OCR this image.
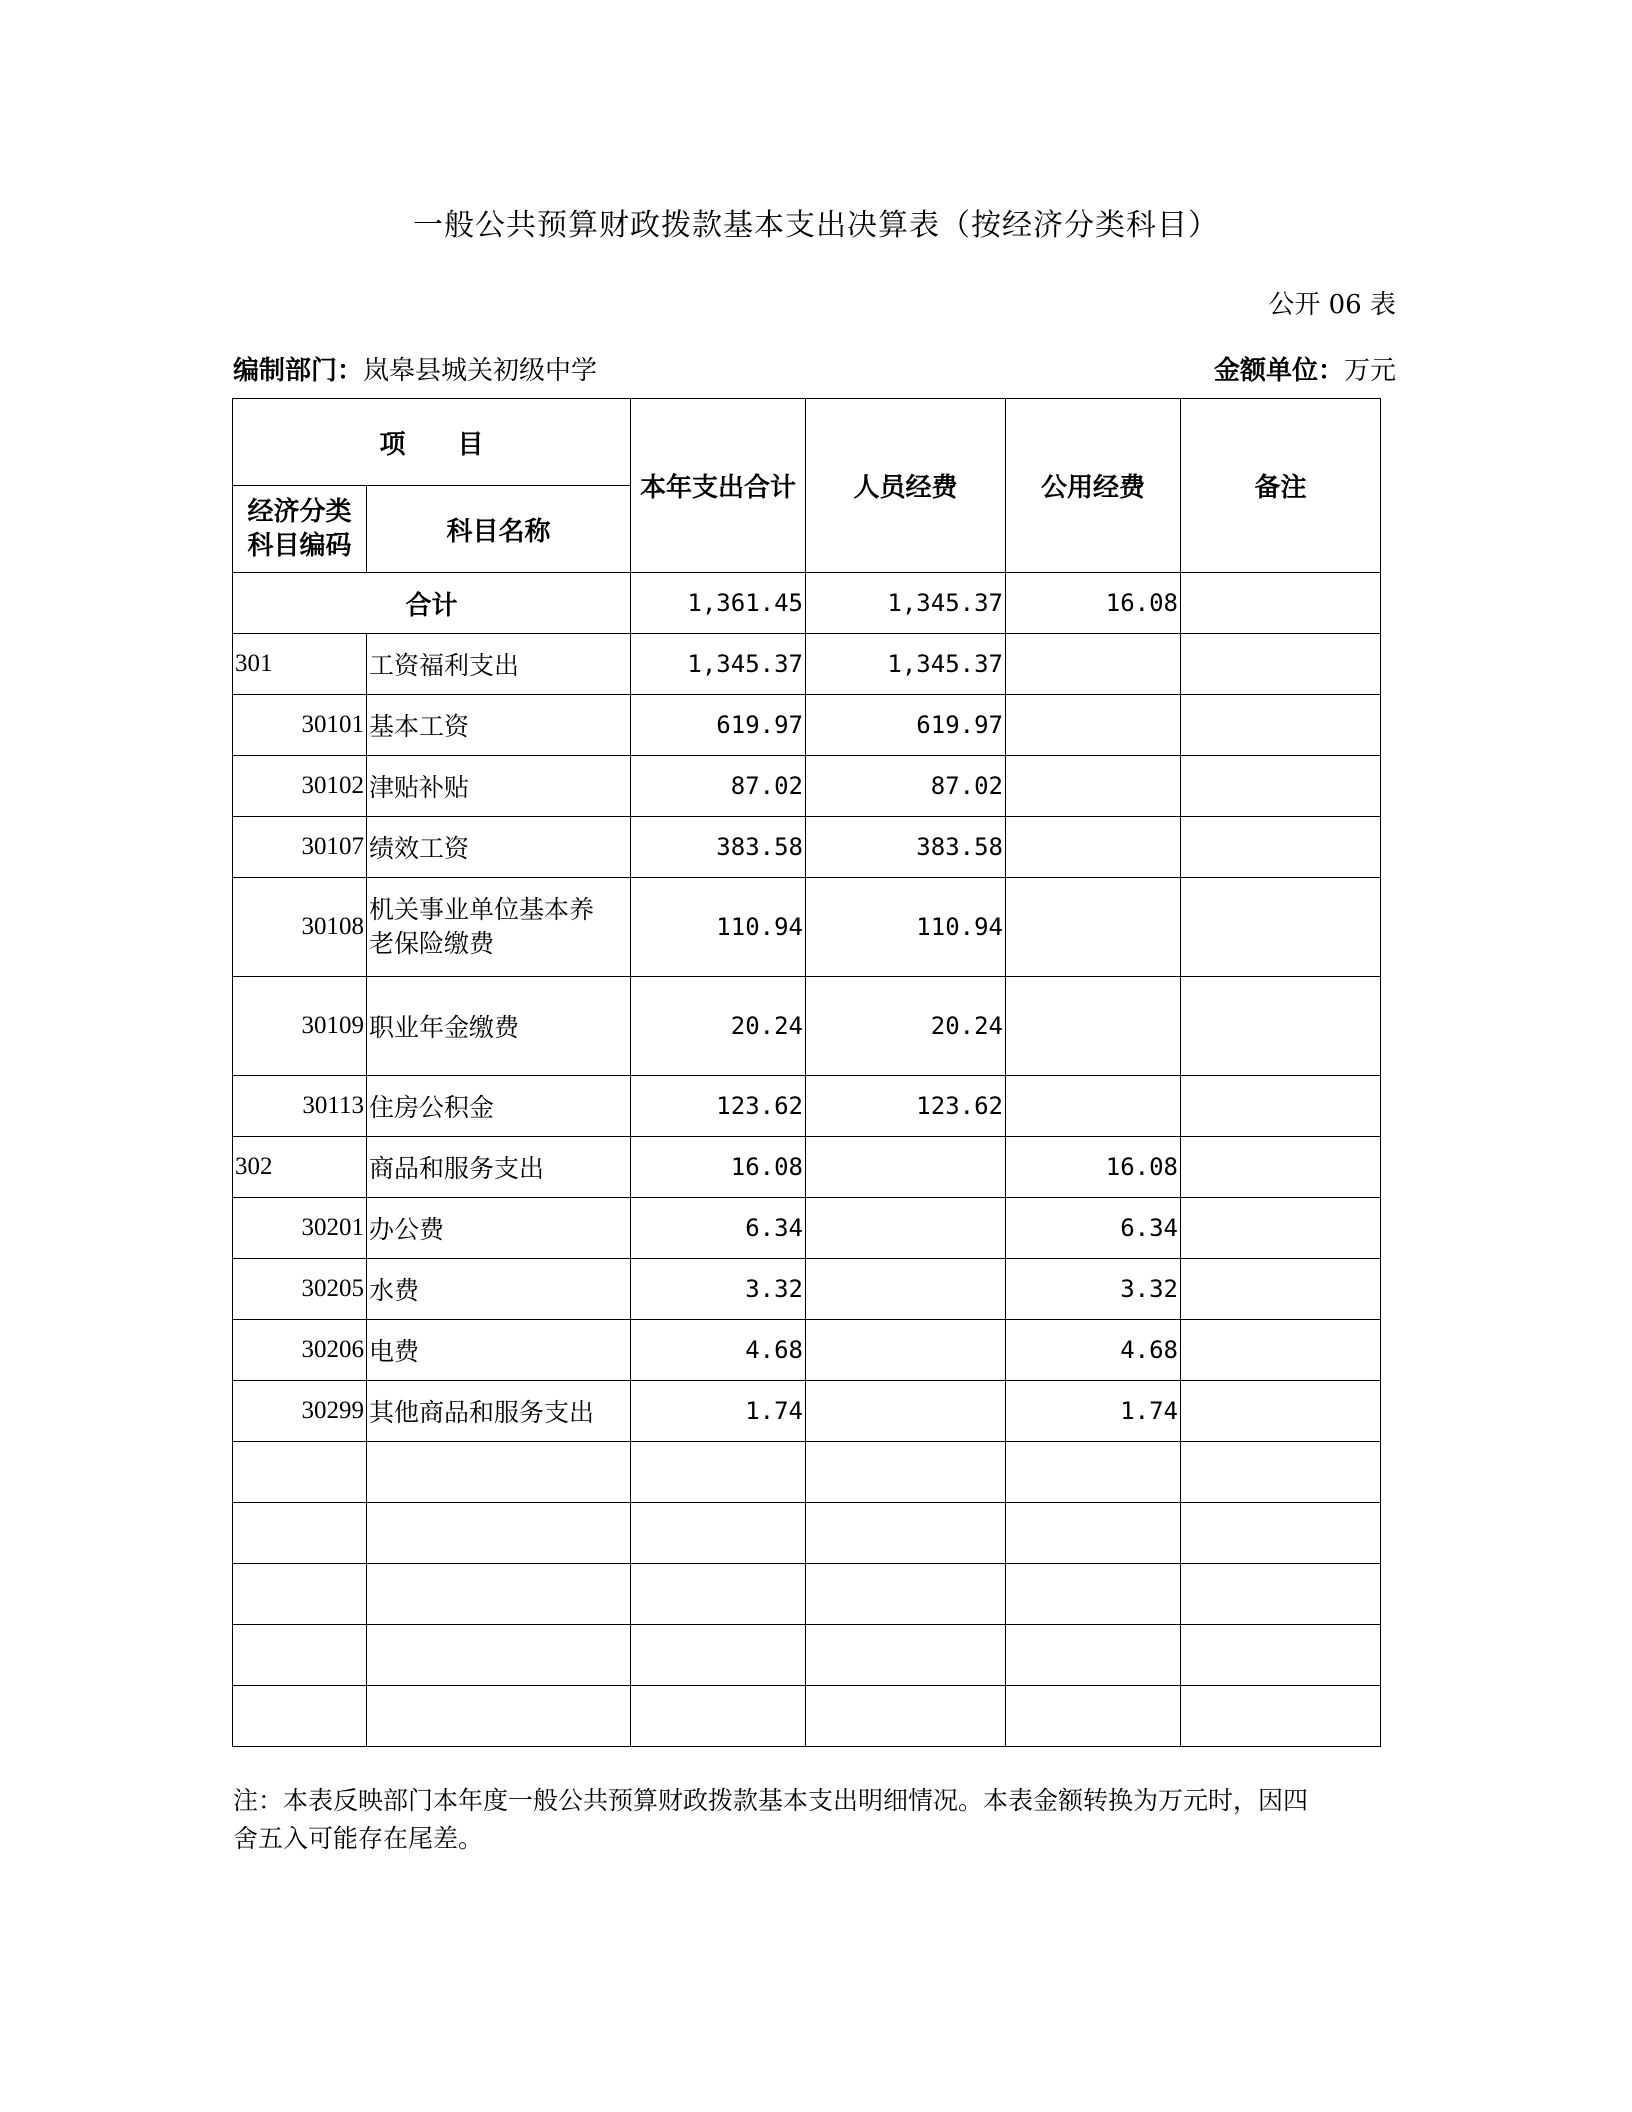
一般公共预算财政拨款基本支出决算表（按经济分类科目）
公开 06 表
编制部门：岚皋县城关初级中学	金额单位：万元
项　　目		本年支出合计	人员经费	公用经费	备注

经济分类
科目编码	科目名称				
合计		1,361.45	1,345.37	16.08	
301	工资福利支出	1,345.37	1,345.37		
30101	基本工资	619.97	619.97		
30102	津贴补贴	87.02	87.02		
30107	绩效工资	383.58	383.58		
30108	机关事业单位基本养
老保险缴费	110.94	110.94		
30109	职业年金缴费	20.24	20.24		
30113	住房公积金	123.62	123.62		
302	商品和服务支出	16.08		16.08	
30201	办公费	6.34		6.34	
30205	水费	3.32		3.32	
30206	电费	4.68		4.68	
30299	其他商品和服务支出	1.74		1.74	

注：本表反映部门本年度一般公共预算财政拨款基本支出明细情况。本表金额转换为万元时，因四
舍五入可能存在尾差。
